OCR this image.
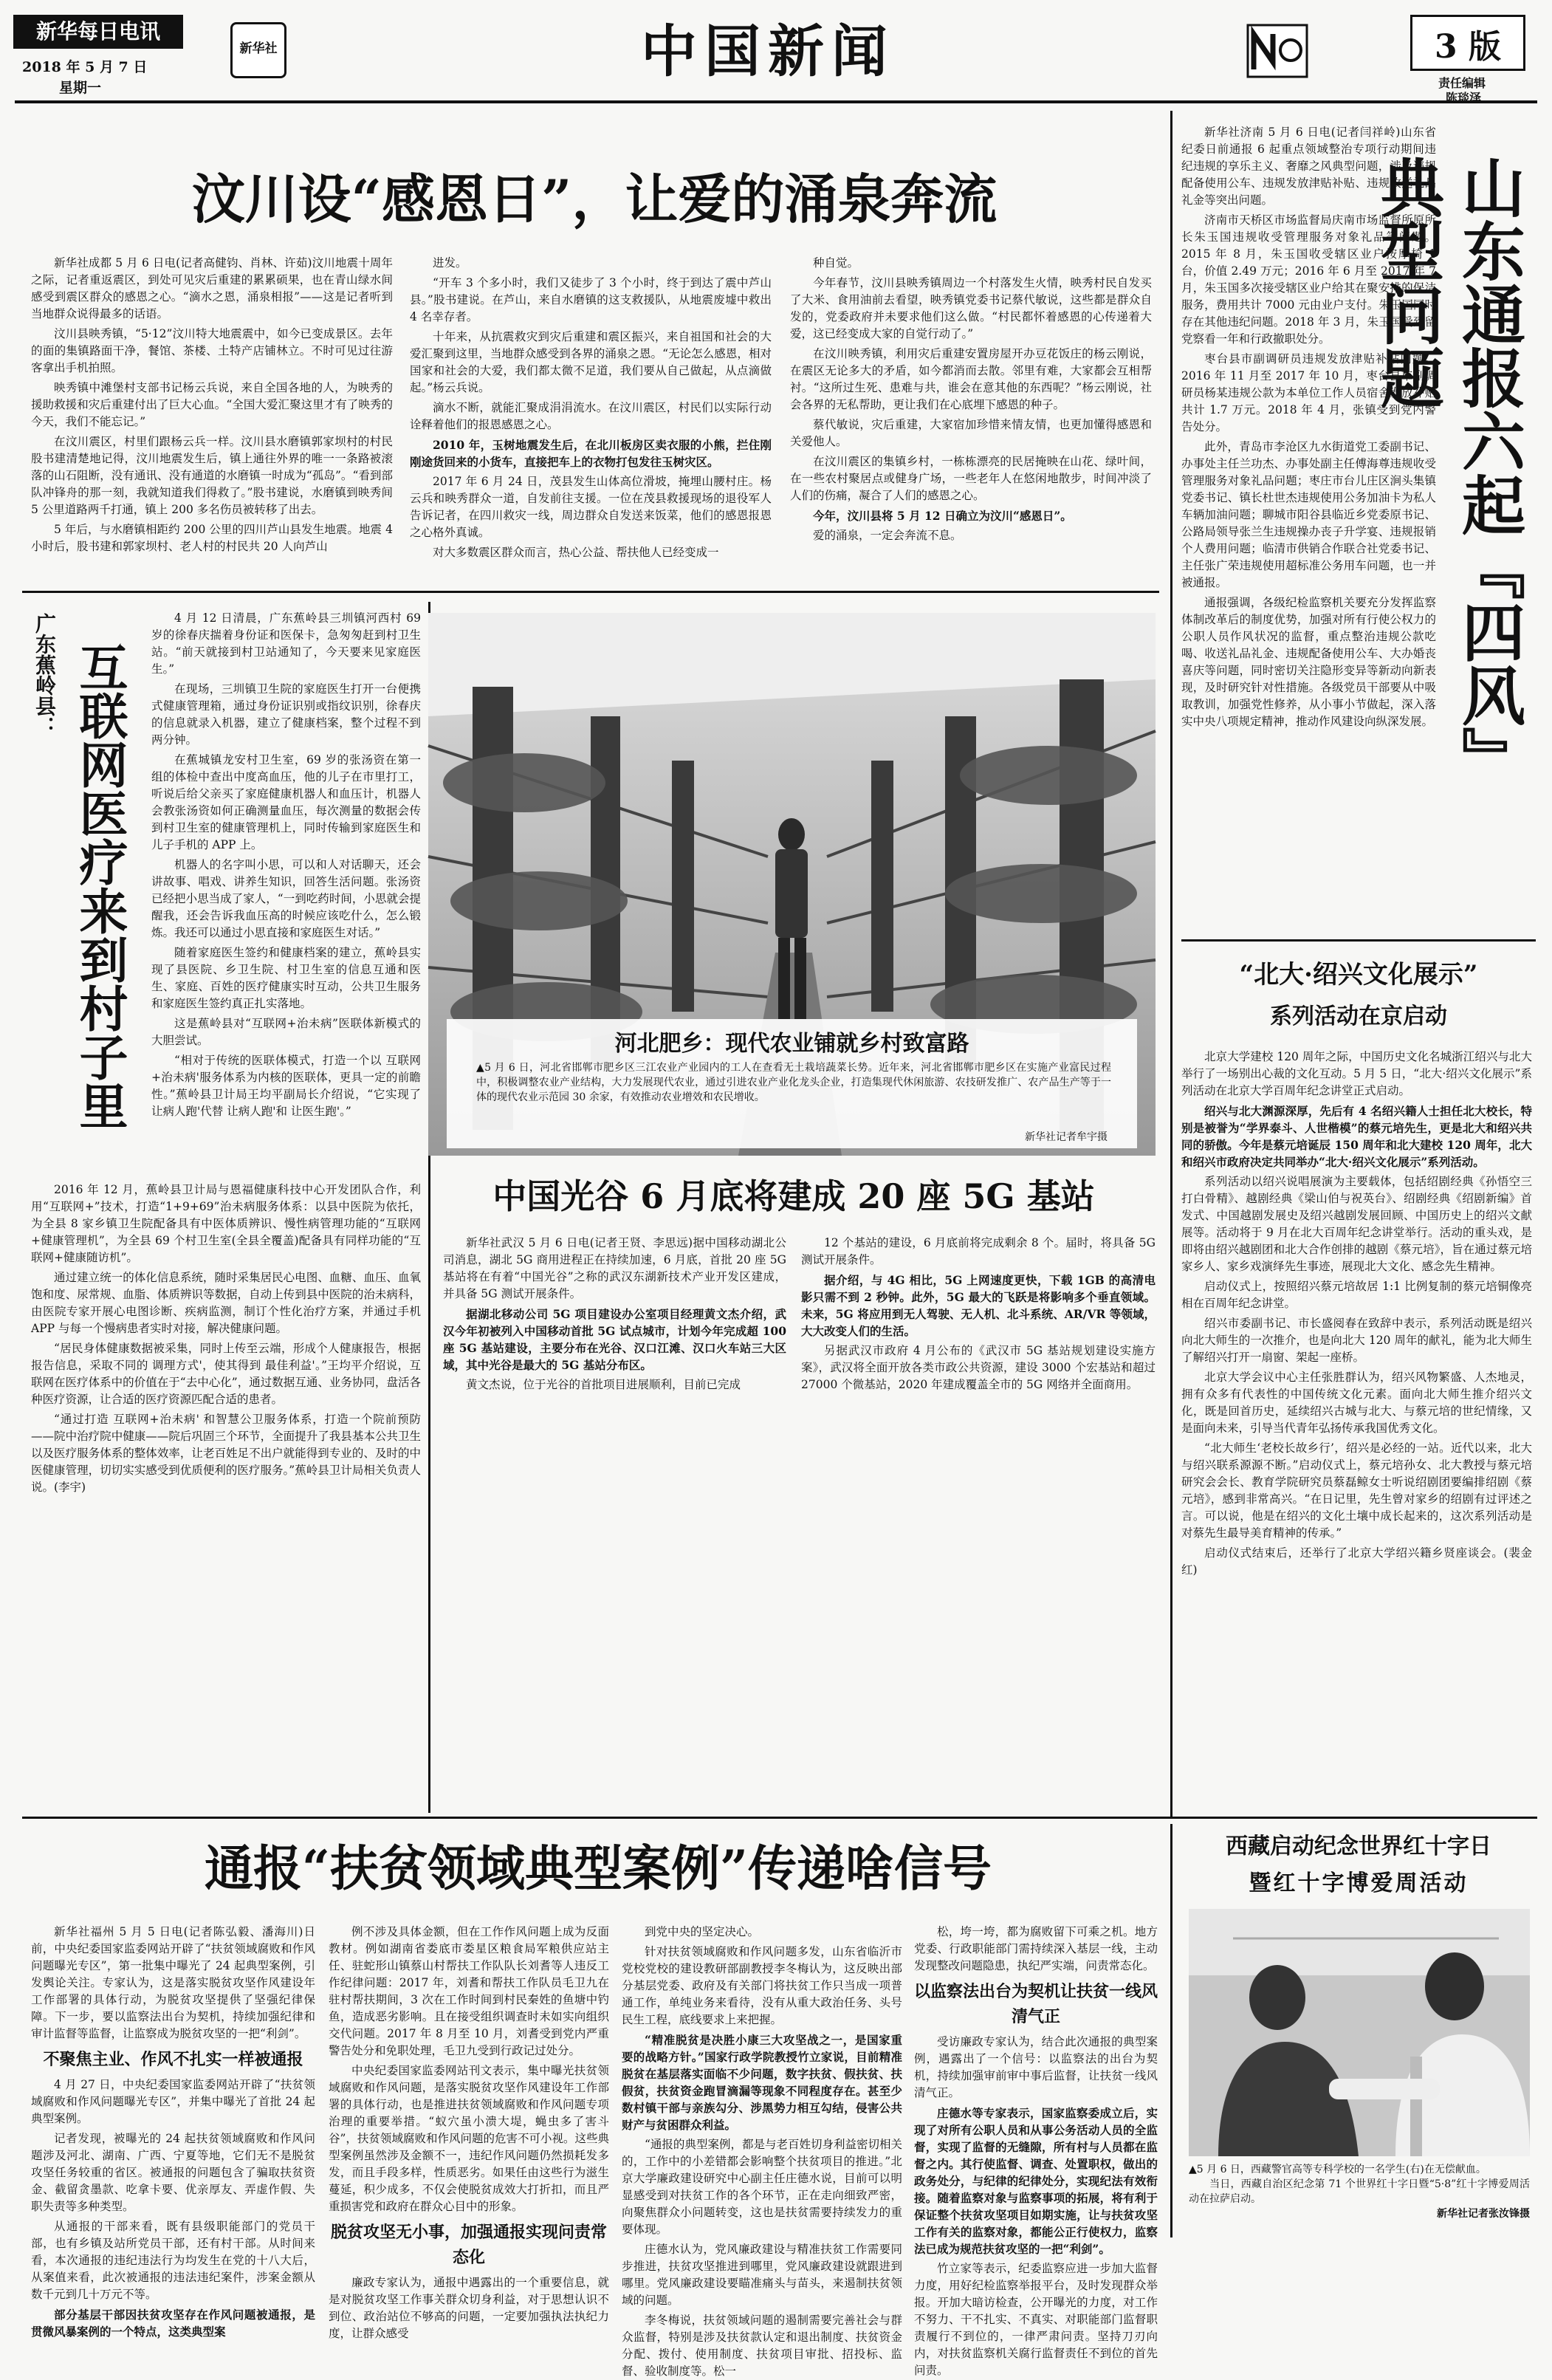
新华每日电讯
2018 年 5 月 7 日
星期一
新华社	中国新闻	3 版
责任编辑
陈琰泽
汶川设“感恩日”，让爱的涌泉奔流

新华社成都 5 月 6 日电(记者高健钧、肖林、许茹)汶川地震十周年之际，记者重返震区，到处可见灾后重建的累累硕果，也在青山绿水间感受到震区群众的感恩之心。“滴水之恩，涌泉相报”——这是记者听到当地群众说得最多的话语。

汶川县映秀镇，“5·12”汶川特大地震震中，如今已变成景区。去年的面的集镇路面干净，餐馆、茶楼、土特产店铺林立。不时可见过往游客拿出手机拍照。

映秀镇中滩堡村支部书记杨云兵说，来自全国各地的人，为映秀的援助救援和灾后重建付出了巨大心血。“全国大爱汇聚这里才有了映秀的今天，我们不能忘记。”

在汶川震区，村里们跟杨云兵一样。汶川县水磨镇郭家坝村的村民股书建清楚地记得，汶川地震发生后，镇上通往外界的唯一一条路被滚落的山石阻断，没有通讯、没有通道的水磨镇一时成为“孤岛”。“看到部队冲锋舟的那一刻，我就知道我们得救了。”股书建说，水磨镇到映秀间 5 公里道路两千打通，镇上 200 多名伤员被转移了出去。

5 年后，与水磨镇相距约 200 公里的四川芦山县发生地震。地震 4 小时后，股书建和郭家坝村、老人村的村民共 20 人向芦山

进发。

“开车 3 个多小时，我们又徒步了 3 个小时，终于到达了震中芦山县。”股书建说。在芦山，来自水磨镇的这支救援队，从地震废墟中救出 4 名幸存者。

十年来，从抗震救灾到灾后重建和震区振兴，来自祖国和社会的大爱汇聚到这里，当地群众感受到各界的涌泉之恩。“无论怎么感恩，相对国家和社会的大爱，我们都太微不足道，我们要从自己做起，从点滴做起。”杨云兵说。

滴水不断，就能汇聚成涓涓流水。在汶川震区，村民们以实际行动诠释着他们的报恩感恩之心。

2010 年，玉树地震发生后，在北川板房区卖衣服的小熊，拦住刚刚途货回来的小货车，直接把车上的衣物打包发往玉树灾区。

2017 年 6 月 24 日，茂县发生山体高位滑坡，掩埋山腰村庄。杨云兵和映秀群众一道，自发前往支援。一位在茂县救援现场的退役军人告诉记者，在四川救灾一线，周边群众自发送来饭菜，他们的感恩报恩之心格外真诚。

对大多数震区群众而言，热心公益、帮扶他人已经变成一

种自觉。

今年春节，汶川县映秀镇周边一个村落发生火情，映秀村民自发买了大米、食用油前去看望，映秀镇党委书记蔡代敏说，这些都是群众自发的，党委政府并未要求他们这么做。“村民都怀着感恩的心传递着大爱，这已经变成大家的自觉行动了。”

在汶川映秀镇，利用灾后重建安置房屋开办豆花饭庄的杨云刚说，在震区无论多大的矛盾，如今都消而去散。邻里有难，大家都会互相帮衬。“这所过生死、患难与共，谁会在意其他的东西呢？”杨云刚说，社会各界的无私帮助，更让我们在心底埋下感恩的种子。

蔡代敏说，灾后重建，大家宿加珍惜来情友情，也更加懂得感恩和关爱他人。

在汶川震区的集镇乡村，一栋栋漂亮的民居掩映在山花、绿叶间，在一些农村聚居点或健身广场，一些老年人在悠闲地散步，时间冲淡了人们的伤痛，凝合了人们的感恩之心。

今年，汶川县将 5 月 12 日确立为汶川“感恩日”。

爱的涌泉，一定会奔流不息。

新华社济南 5 月 6 日电(记者闫祥岭)山东省纪委日前通报 6 起重点领域整治专项行动期间违纪违规的享乐主义、奢靡之风典型问题，涉及违规配备使用公车、违规发放津贴补贴、违规收送礼品礼金等突出问题。

济南市天桥区市场监督局庆南市场监督所原所长朱玉国违规收受管理服务对象礼品等问题。2015 年 8 月，朱玉国收受辖区业户按摩椅 1 台，价值 2.49 万元；2016 年 6 月至 2017 年 7 月，朱玉国多次接受辖区业户给其在聚安排的保洁服务，费用共计 7000 元由业户支付。朱玉国同时存在其他违纪问题。2018 年 3 月，朱玉国受到留党察看一年和行政撤职处分。

枣台县市副调研员违规发放津贴补贴问题。2016 年 11 月至 2017 年 10 月，枣台县市副调研员杨某违规公款为本单位工作人员宿舍发放补贴共计 1.7 万元。2018 年 4 月，张镇受到党内警告处分。

此外，青岛市李沧区九水街道党工委副书记、办事处主任兰功杰、办事处副主任傅海尊违规收受管理服务对象礼品问题；枣庄市台儿庄区涧头集镇党委书记、镇长杜世杰违规使用公务加油卡为私人车辆加油问题；聊城市阳谷县临近乡党委原书记、公路局领导张兰生违规操办丧子升学宴、违规报销个人费用问题；临清市供销合作联合社党委书记、主任张广荣违规使用超标准公务用车问题，也一并被通报。

通报强调，各级纪检监察机关要充分发挥监察体制改革后的制度优势，加强对所有行使公权力的公职人员作风状况的监督，重点整治违规公款吃喝、收送礼品礼金、违规配备使用公车、大办婚丧喜庆等问题，同时密切关注隐形变异等新动向新表现，及时研究针对性措施。各级党员干部要从中吸取教训，加强党性修养，从小事小节做起，深入落实中央八项规定精神，推动作风建设向纵深发展。 山东通报六起『四风』典型问题
广东蕉岭县： 互联网医疗来到村子里

4 月 12 日清晨，广东蕉岭县三圳镇河西村 69 岁的徐春庆揣着身份证和医保卡，急匆匆赶到村卫生站。“前天就接到村卫站通知了，今天要来见家庭医生。”

在现场，三圳镇卫生院的家庭医生打开一台便携式健康管理箱，通过身份证识别或指纹识别，徐春庆的信息就录入机器，建立了健康档案，整个过程不到两分钟。

在蕉城镇龙安村卫生室，69 岁的张汤资在第一组的体检中查出中度高血压，他的儿子在市里打工，听说后给父亲买了家庭健康机器人和血压计，机器人会教张汤资如何正确测量血压，每次测量的数据会传到村卫生室的健康管理机上，同时传输到家庭医生和儿子手机的 APP 上。

机器人的名字叫小思，可以和人对话聊天，还会讲故事、唱戏、讲养生知识，回答生活问题。张汤资已经把小思当成了家人，“一到吃药时间，小思就会提醒我，还会告诉我血压高的时候应该吃什么，怎么锻炼。我还可以通过小思直接和家庭医生对话。”

随着家庭医生签约和健康档案的建立，蕉岭县实现了县医院、乡卫生院、村卫生室的信息互通和医生、家庭、百姓的医疗健康实时互动，公共卫生服务和家庭医生签约真正扎实落地。

这是蕉岭县对“互联网+治未病”医联体新模式的大胆尝试。

“相对于传统的医联体模式，打造一个以 互联网+治未病'服务体系为内核的医联体，更具一定的前瞻性。”蕉岭县卫计局王均平副局长介绍说，“它实现了 让病人跑'代替 让病人跑'和 让医生跑'。”

2016 年 12 月，蕉岭县卫计局与恩福健康科技中心开发团队合作，利用“互联网+”技术，打造“1+9+69”治未病服务体系：以县中医院为依托，为全县 8 家乡镇卫生院配备具有中医体质辨识、慢性病管理功能的“互联网+健康管理机”，为全县 69 个村卫生室(全县全覆盖)配备具有同样功能的“互联网+健康随访机”。

通过建立统一的体化信息系统，随时采集居民心电图、血糖、血压、血氧饱和度、尿常规、血脂、体质辨识等数据，自动上传到县中医院的治未病科，由医院专家开展心电图诊断、疾病监测，制订个性化治疗方案，并通过手机 APP 与每一个慢病患者实时对接，解决健康问题。

“居民身体健康数据被采集，同时上传至云端，形成个人健康报告，根据报告信息，采取不同的 调理方式'，使其得到 最佳利益'。”王均平介绍说，互联网在医疗体系中的价值在于“去中心化”，通过数据互通、业务协同，盘活各种医疗资源，让合适的医疗资源匹配合适的患者。

“通过打造 互联网+治未病' 和智慧公卫服务体系，打造一个院前预防——院中治疗院中健康——院后巩固三个环节，全面提升了我县基本公共卫生以及医疗服务体系的整体效率，让老百姓足不出户就能得到专业的、及时的中医健康管理，切切实实感受到优质便利的医疗服务。”蕉岭县卫计局相关负责人说。(李宇)

河北肥乡：现代农业铺就乡村致富路
▲5 月 6 日，河北省邯郸市肥乡区三江农业产业园内的工人在查看无土栽培蔬菜长势。近年来，河北省邯郸市肥乡区在实施产业富民过程中，积极调整农业产业结构，大力发展现代农业，通过引进农业产业化龙头企业，打造集现代休闲旅游、农技研发推广、农产品生产等于一体的现代农业示范园 30 余家，有效推动农业增效和农民增收。
新华社记者牟宇摄
中国光谷 6 月底将建成 20 座 5G 基站

新华社武汉 5 月 6 日电(记者王贤、李思远)据中国移动湖北公司消息，湖北 5G 商用进程正在持续加速，6 月底，首批 20 座 5G 基站将在有着“中国光谷”之称的武汉东湖新技术产业开发区建成，并具备 5G 测试开展条件。

据湖北移动公司 5G 项目建设办公室项目经理黄文杰介绍，武汉今年初被列入中国移动首批 5G 试点城市，计划今年完成超 100 座 5G 基站建设，主要分布在光谷、汉口江滩、汉口火车站三大区域，其中光谷是最大的 5G 基站分布区。

黄文杰说，位于光谷的首批项目进展顺利，目前已完成

12 个基站的建设，6 月底前将完成剩余 8 个。届时，将具备 5G 测试开展条件。

据介绍，与 4G 相比，5G 上网速度更快，下载 1GB 的高清电影只需不到 2 秒钟。此外，5G 最大的飞跃是将影响多个垂直领域。未来，5G 将应用到无人驾驶、无人机、北斗系统、AR/VR 等领域，大大改变人们的生活。

另据武汉市政府 4 月公布的《武汉市 5G 基站规划建设实施方案》，武汉将全面开放各类市政公共资源，建设 3000 个宏基站和超过 27000 个微基站，2020 年建成覆盖全市的 5G 网络并全面商用。

“北大·绍兴文化展示”
系列活动在京启动

北京大学建校 120 周年之际，中国历史文化名城浙江绍兴与北大举行了一场别出心裁的文化互动。5 月 5 日，“北大·绍兴文化展示”系列活动在北京大学百周年纪念讲堂正式启动。

绍兴与北大渊源深厚，先后有 4 名绍兴籍人士担任北大校长，特别是被誉为“学界泰斗、人世楷模”的蔡元培先生，更是北大和绍兴共同的骄傲。今年是蔡元培诞辰 150 周年和北大建校 120 周年，北大和绍兴市政府决定共同举办“北大·绍兴文化展示”系列活动。

系列活动以绍兴说唱展演为主要载体，包括绍剧经典《孙悟空三打白骨精》、越剧经典《梁山伯与祝英台》、绍剧经典《绍剧新编》首发式、中国越剧发展史及绍兴越剧发展回顾、中国历史上的绍兴文献展等。活动将于 9 月在北大百周年纪念讲堂举行。活动的重头戏，是即将由绍兴越剧团和北大合作创排的越剧《蔡元培》，旨在通过蔡元培家乡人、家乡戏演绎先生事迹，展现北大文化、感念先生精神。

启动仪式上，按照绍兴蔡元培故居 1:1 比例复制的蔡元培铜像亮相在百周年纪念讲堂。

绍兴市委副书记、市长盛阅春在致辞中表示，系列活动既是绍兴向北大师生的一次推介，也是向北大 120 周年的献礼，能为北大师生了解绍兴打开一扇窗、架起一座桥。

北京大学会议中心主任张胜群认为，绍兴风物繁盛、人杰地灵，拥有众多有代表性的中国传统文化元素。面向北大师生推介绍兴文化，既是回首历史，延续绍兴古城与北大、与蔡元培的世纪情缘，又是面向未来，引导当代青年弘扬传承我国优秀文化。

“北大师生‘老校长故乡行’，绍兴是必经的一站。近代以来，北大与绍兴联系源源不断。”启动仪式上，蔡元培孙女、北大教授与蔡元培研究会会长、教育学院研究员蔡磊鲸女士听说绍剧团要编排绍剧《蔡元培》，感到非常高兴。“在日记里，先生曾对家乡的绍剧有过评述之言。可以说，他是在绍兴的文化土壤中成长起来的，这次系列活动是对蔡先生最导美育精神的传承。”

启动仪式结束后，还举行了北京大学绍兴籍乡贤座谈会。(裴金红)

通报“扶贫领域典型案例”传递啥信号

新华社福州 5 月 5 日电(记者陈弘毅、潘海川)日前，中央纪委国家监委网站开辟了“扶贫领域腐败和作风问题曝光专区”，第一批集中曝光了 24 起典型案例，引发舆论关注。专家认为，这是落实脱贫攻坚作风建设年工作部署的具体行动，为脱贫攻坚提供了坚强纪律保障。下一步，要以监察法出台为契机，持续加强纪律和审计监督等监督，让监察成为脱贫攻坚的一把“利剑”。

不聚焦主业、作风不扎实一样被通报

4 月 27 日，中央纪委国家监委网站开辟了“扶贫领域腐败和作风问题曝光专区”，并集中曝光了首批 24 起典型案例。

记者发现，被曝光的 24 起扶贫领域腐败和作风问题涉及河北、湖南、广西、宁夏等地，它们无不是脱贫攻坚任务较重的省区。被通报的问题包含了骗取扶贫资金、截留贪墨款、吃拿卡要、优亲厚友、弄虚作假、失职失责等多种类型。

从通报的干部来看，既有县级职能部门的党员干部，也有乡镇及站所党员干部，还有村干部。从时间来看，本次通报的违纪违法行为均发生在党的十八大后，从案值来看，此次被通报的违法违纪案件，涉案金额从数千元到几十万元不等。

部分基层干部因扶贫攻坚存在作风问题被通报，是贯微风暴案例的一个特点，这类典型案

例不涉及具体金额，但在工作作风问题上成为反面教材。例如湖南省娄底市娄星区粮食局军粮供应站主任、驻蛇形山镇蔡山村帮扶工作队队长刘耆等人违反工作纪律问题：2017 年，刘耆和帮扶工作队员毛卫九在驻村帮扶期间，3 次在工作时间到村民秦姓的鱼塘中钓鱼，造成恶劣影响。且在接受组织调查时未如实向组织交代问题。2017 年 8 月至 10 月，刘耆受到党内严重警告处分和免职处理，毛卫九受到行政记过处分。

中央纪委国家监委网站刊文表示，集中曝光扶贫领域腐败和作风问题，是落实脱贫攻坚作风建设年工作部署的具体行动，也是推进扶贫领域腐败和作风问题专项治理的重要举措。“蚁穴虽小溃大堤，蝇虫多了害斗谷”，扶贫领域腐败和作风问题的危害不可小视。这些典型案例虽然涉及金额不一，违纪作风问题仍然损耗发多发，而且手段多样，性质恶劣。如果任由这些行为滋生蔓延，积少成多，不仅会使脱贫成效大打折扣，而且严重损害党和政府在群众心目中的形象。

脱贫攻坚无小事，加强通报实现问责常态化

廉政专家认为，通报中遇露出的一个重要信息，就是对脱贫攻坚工作事关群众切身利益，对于思想认识不到位、政治站位不够高的问题，一定要加强执法执纪力度，让群众感受

到党中央的坚定决心。

针对扶贫领域腐败和作风问题多发，山东省临沂市党校党校的建设教研部副教授李冬梅认为，这反映出部分基层党委、政府及有关部门将扶贫工作只当成一项普通工作，单纯业务来看待，没有从重大政治任务、头号民生工程，底线要求上来把握。

“精准脱贫是决胜小康三大攻坚战之一，是国家重要的战略方针。”国家行政学院教授竹立家说，目前精准脱贫在基层落实面临不少问题，数字扶贫、假扶贫、扶假贫，扶贫资金跑冒滴漏等现象不同程度存在。甚至少数村镇干部与亲族勾分、涉黑势力相互勾结，侵害公共财产与贫困群众利益。

“通报的典型案例，都是与老百姓切身利益密切相关的，工作中的小差错都会影响整个扶贫项目的推进。”北京大学廉政建设研究中心副主任庄德水说，目前可以明显感受到对扶贫工作的各个环节，正在走向细致严密，向聚焦群众小问题转变，这也是扶贫需要持续发力的重要体现。

庄德水认为，党风廉政建设与精准扶贫工作需要同步推进，扶贫攻坚推进到哪里，党风廉政建设就跟进到哪里。党风廉政建设要瞄准痛头与苗头，来遏制扶贫领域的问题。

李冬梅说，扶贫领域问题的遏制需要完善社会与群众监督，特别是涉及扶贫款认定和退出制度、扶贫资金分配、拨付、使用制度、扶贫项目审批、招投标、监督、验收制度等。松一

松，垮一垮，都为腐败留下可乘之机。地方党委、行政职能部门需持续深入基层一线，主动发现整改问题隐患，执纪严实端，问责常态化。

以监察法出台为契机让扶贫一线风清气正

受访廉政专家认为，结合此次通报的典型案例，遇露出了一个信号：以监察法的出台为契机，持续加强审前审中事后监督，让扶贫一线风清气正。

庄德水等专家表示，国家监察委成立后，实现了对所有公职人员和从事公务活动人员的全监督，实现了监督的无缝隙，所有村与人员都在监督之内。其行使监督、调查、处置职权，做出的政务处分，与纪律的纪律处分，实现纪法有效衔接。随着监察对象与监察事项的拓展，将有利于保证整个扶贫攻坚项目如期实施，让与扶贫攻坚工作有关的监察对象，都能公正行使权力，监察法已成为规范扶贫攻坚的一把“利剑”。

竹立家等表示，纪委监察应进一步加大监督力度，用好纪检监察举报平台，及时发现群众举报。开加大暗访检查，公开曝光的力度，对工作不努力、干不扎实、不真实、对职能部门监督职责履行不到位的，一律严肃问责。坚持刀刃向内，对扶贫监察机关腐行监督责任不到位的首先问责。

西藏启动纪念世界红十字日
暨红十字博爱周活动
▲5 月 6 日，西藏警官高等专科学校的一名学生(右)在无偿献血。
当日，西藏自治区纪念第 71 个世界红十字日暨“5·8”红十字博爱周活动在拉萨启动。
新华社记者张汝锋摄
